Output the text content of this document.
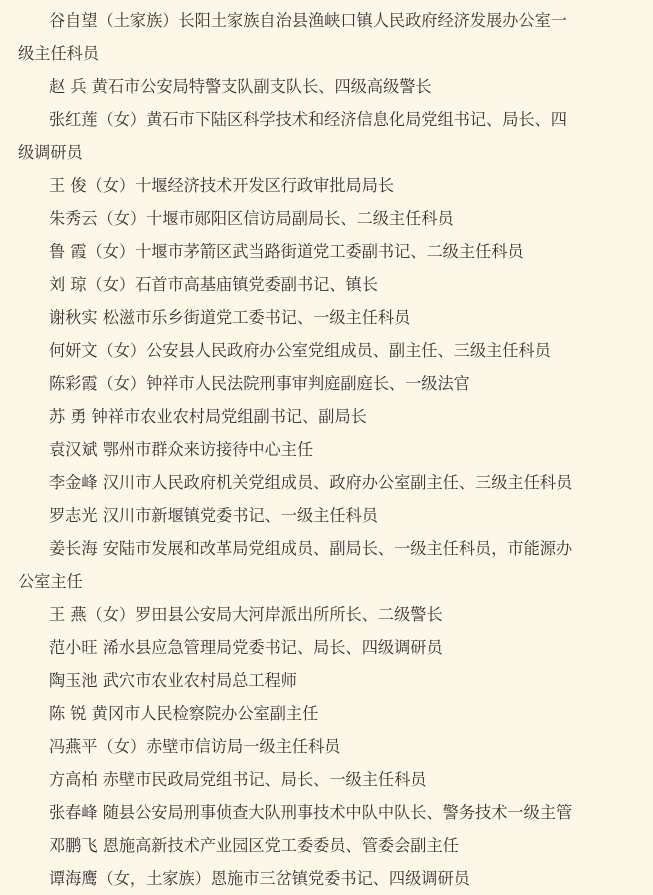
谷自望（土家族）长阳土家族自治县渔峡口镇人民政府经济发展办公室一
级主任科员
赵 兵 黄石市公安局特警支队副支队长、四级高级警长
张红莲（女）黄石市下陆区科学技术和经济信息化局党组书记、局长、四
级调研员
王 俊（女）十堰经济技术开发区行政审批局局长
朱秀云（女）十堰市郧阳区信访局副局长、二级主任科员
鲁 霞（女）十堰市茅箭区武当路街道党工委副书记、二级主任科员
刘 琼（女）石首市高基庙镇党委副书记、镇长
谢秋实 松滋市乐乡街道党工委书记、一级主任科员
何妍文（女）公安县人民政府办公室党组成员、副主任、三级主任科员
陈彩霞（女）钟祥市人民法院刑事审判庭副庭长、一级法官
苏 勇 钟祥市农业农村局党组副书记、副局长
袁汉斌 鄂州市群众来访接待中心主任
李金峰 汉川市人民政府机关党组成员、政府办公室副主任、三级主任科员
罗志光 汉川市新堰镇党委书记、一级主任科员
姜长海 安陆市发展和改革局党组成员、副局长、一级主任科员，市能源办
公室主任
王 燕（女）罗田县公安局大河岸派出所所长、二级警长
范小旺 浠水县应急管理局党委书记、局长、四级调研员
陶玉池 武穴市农业农村局总工程师
陈 锐 黄冈市人民检察院办公室副主任
冯燕平（女）赤壁市信访局一级主任科员
方高柏 赤壁市民政局党组书记、局长、一级主任科员
张春峰 随县公安局刑事侦查大队刑事技术中队中队长、警务技术一级主管
邓鹏飞 恩施高新技术产业园区党工委委员、管委会副主任
谭海鹰（女，土家族）恩施市三岔镇党委书记、四级调研员
